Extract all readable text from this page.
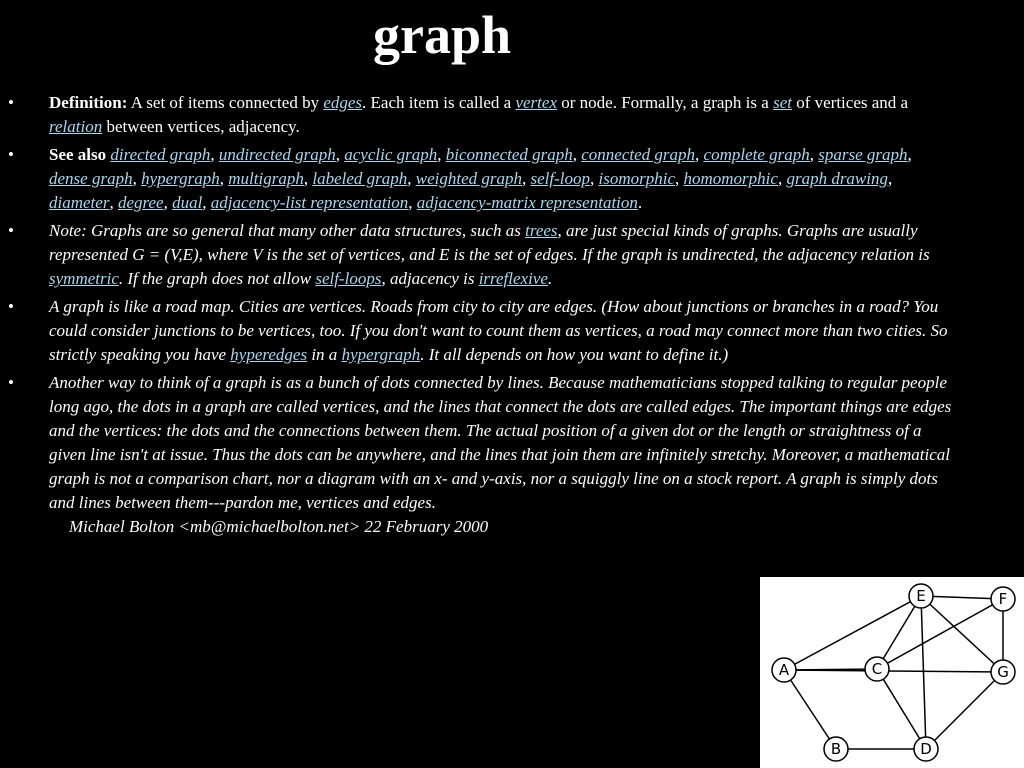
graph
•	Definition: A set of items connected by edges. Each item is called a vertex or node. Formally, a graph is a set of vertices and a relation between vertices, adjacency.
•	See also directed graph, undirected graph, acyclic graph, biconnected graph, connected graph, complete graph, sparse graph, dense graph, hypergraph, multigraph, labeled graph, weighted graph, self-loop, isomorphic, homomorphic, graph drawing, diameter, degree, dual, adjacency-list representation, adjacency-matrix representation.
•	Note: Graphs are so general that many other data structures, such as trees, are just special kinds of graphs. Graphs are usually represented G = (V,E), where V is the set of vertices, and E is the set of edges. If the graph is undirected, the adjacency relation is symmetric. If the graph does not allow self-loops, adjacency is irreflexive.
•	A graph is like a road map. Cities are vertices. Roads from city to city are edges. (How about junctions or branches in a road? You could consider junctions to be vertices, too. If you don't want to count them as vertices, a road may connect more than two cities. So strictly speaking you have hyperedges in a hypergraph. It all depends on how you want to define it.)
•	Another way to think of a graph is as a bunch of dots connected by lines. Because mathematicians stopped talking to regular people long ago, the dots in a graph are called vertices, and the lines that connect the dots are called edges. The important things are edges and the vertices: the dots and the connections between them. The actual position of a given dot or the length or straightness of a given line isn't at issue. Thus the dots can be anywhere, and the lines that join them are infinitely stretchy. Moreover, a mathematical graph is not a comparison chart, nor a diagram with an x- and y-axis, nor a squiggly line on a stock report. A graph is simply dots and lines between them---pardon me, vertices and edges.
Michael Bolton <mb@michaelbolton.net> 22 February 2000
A
B
C
D
E	F
G
